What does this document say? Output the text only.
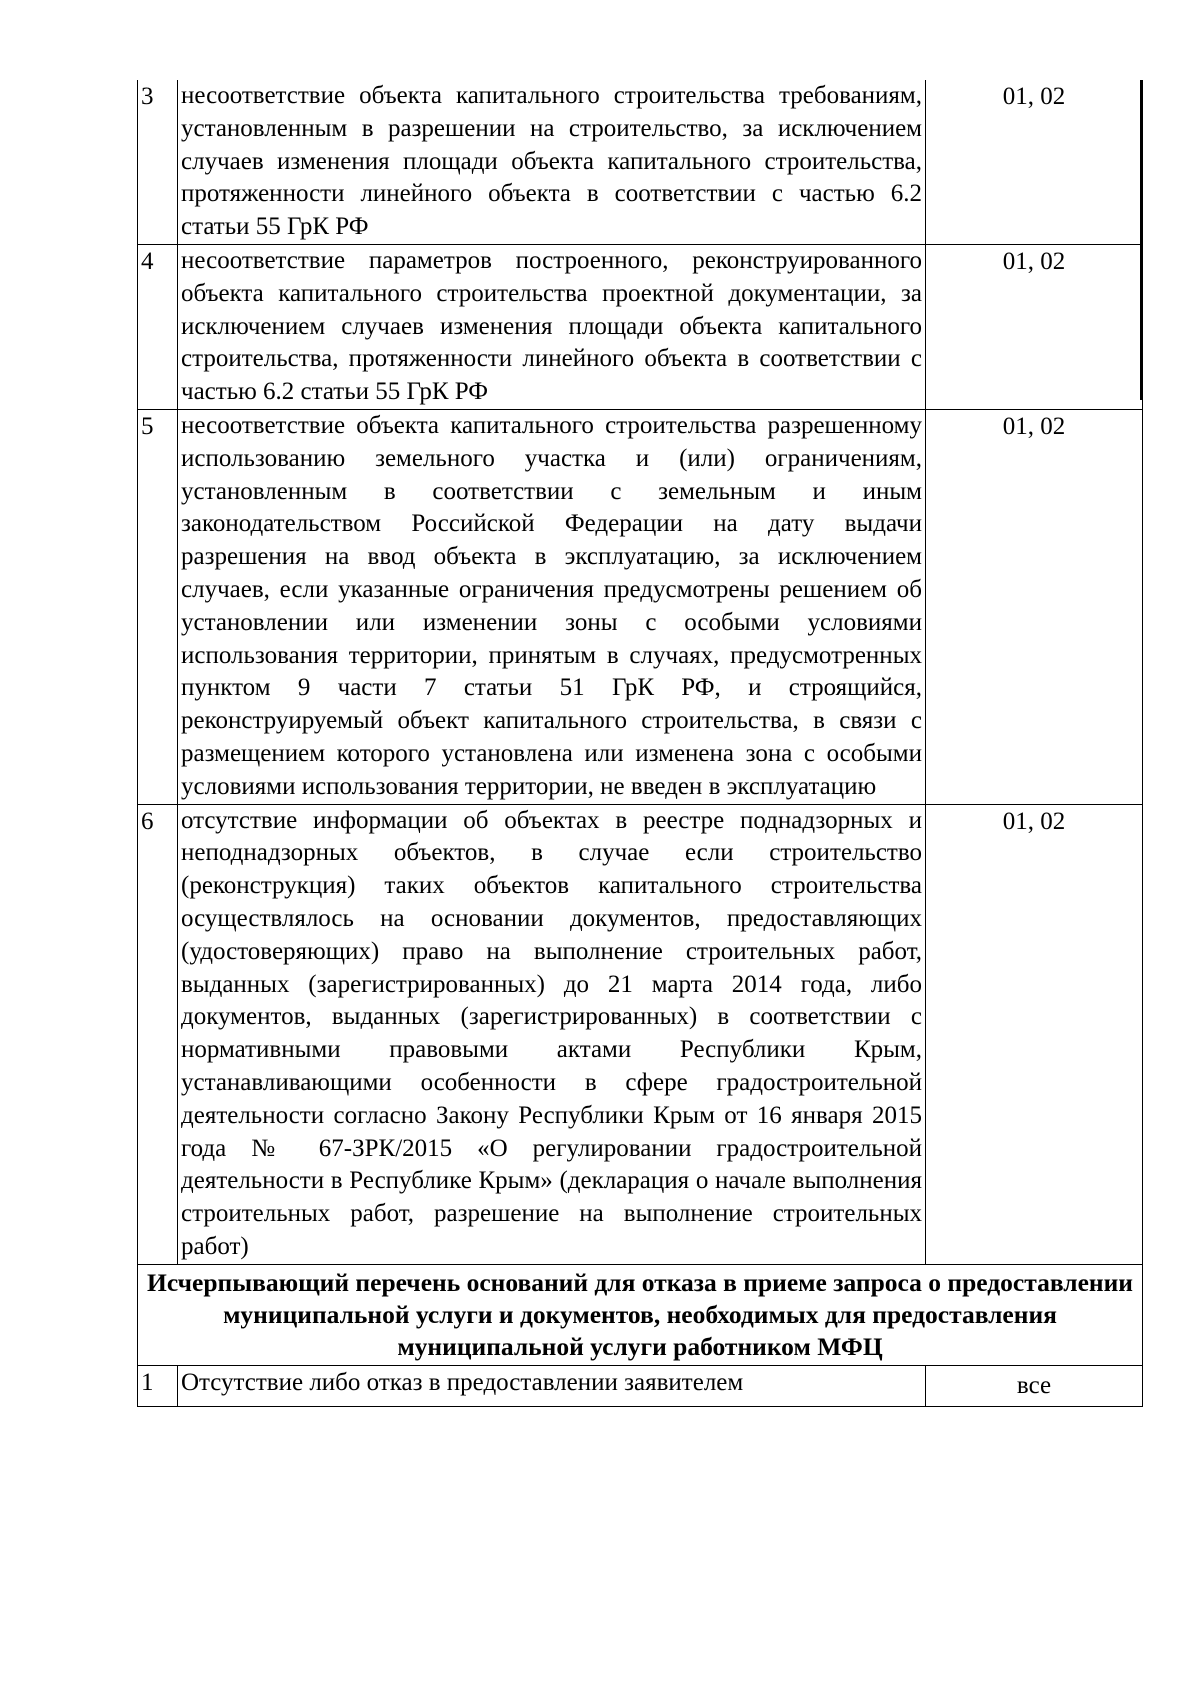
3	несоответствие объекта капитального строительства требованиям, установленным в разрешении на строительство, за исключением случаев изменения площади объекта капитального строительства, протяженности линейного объекта в соответствии с частью 6.2 статьи 55 ГрК РФ	01, 02

4	несоответствие параметров построенного, реконструированного объекта капитального строительства проектной документации, за исключением случаев изменения площади объекта капитального строительства, протяженности линейного объекта в соответствии с частью 6.2 статьи 55 ГрК РФ	01, 02

5	несоответствие объекта капитального строительства разрешенному использованию земельного участка и (или) ограничениям, установленным в соответствии с земельным и иным законодательством Российской Федерации на дату выдачи разрешения на ввод объекта в эксплуатацию, за исключением случаев, если указанные ограничения предусмотрены решением об установлении или изменении зоны с особыми условиями использования территории, принятым в случаях, предусмотренных пунктом 9 части 7 статьи 51 ГрК РФ, и строящийся, реконструируемый объект капитального строительства, в связи с размещением которого установлена или изменена зона с особыми условиями использования территории, не введен в эксплуатацию	01, 02

6	отсутствие информации об объектах в реестре поднадзорных и неподнадзорных объектов, в случае если строительство (реконструкция) таких объектов капитального строительства осуществлялось на основании документов, предоставляющих (удостоверяющих) право на выполнение строительных работ, выданных (зарегистрированных) до 21 марта 2014 года, либо документов, выданных (зарегистрированных) в соответствии с нормативными правовыми актами Республики Крым, устанавливающими особенности в сфере градостроительной деятельности согласно Закону Республики Крым от 16 января 2015 года № 67-ЗРК/2015 «О регулировании градостроительной деятельности в Республике Крым» (декларация о начале выполнения строительных работ, разрешение на выполнение строительных работ)	01, 02

Исчерпывающий перечень оснований для отказа в приеме запроса о предоставлении муниципальной услуги и документов, необходимых для предоставления муниципальной услуги работником МФЦ		

1	Отсутствие либо отказ в предоставлении заявителем	все
